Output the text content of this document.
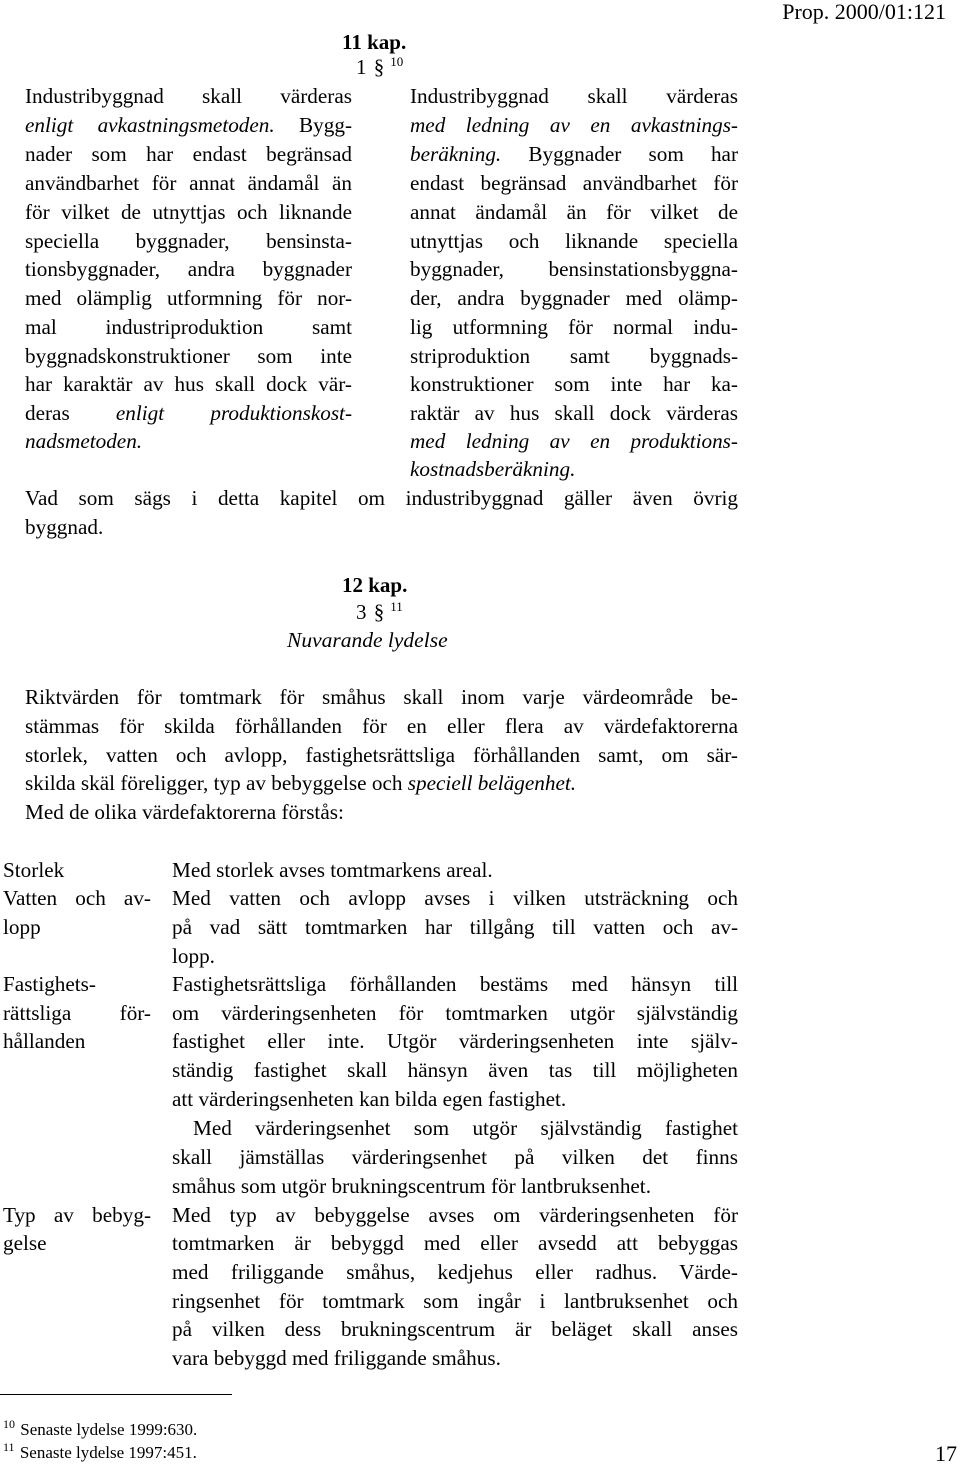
Prop. 2000/01:121
11 kap.
1 § $^{10}$
Industribyggnad skall värderas
enligt avkastningsmetoden. Bygg-
nader som har endast begränsad
användbarhet för annat ändamål än
för vilket de utnyttjas och liknande
speciella byggnader, bensinsta-
tionsbyggnader, andra byggnader
med olämplig utformning för nor-
mal industriproduktion samt
byggnadskonstruktioner som inte
har karaktär av hus skall dock vär-
deras enligt produktionskost-
nadsmetoden.
Industribyggnad skall värderas
med ledning av en avkastnings-
beräkning. Byggnader som har
endast begränsad användbarhet för
annat ändamål än för vilket de
utnyttjas och liknande speciella
byggnader, bensinstationsbyggna-
der, andra byggnader med olämp-
lig utformning för normal indu-
striproduktion samt byggnads-
konstruktioner som inte har ka-
raktär av hus skall dock värderas
med ledning av en produktions-
kostnadsberäkning.
Vad som sägs i detta kapitel om industribyggnad gäller även övrig
byggnad.
12 kap.
3 § $^{11}$
Nuvarande lydelse
Riktvärden för tomtmark för småhus skall inom varje värdeområde be-
stämmas för skilda förhållanden för en eller flera av värdefaktorerna
storlek, vatten och avlopp, fastighetsrättsliga förhållanden samt, om sär-
skilda skäl föreligger, typ av bebyggelse och speciell belägenhet.
Med de olika värdefaktorerna förstås:
Storlek	Med storlek avses tomtmarkens areal.
Vatten och av-
lopp
Med vatten och avlopp avses i vilken utsträckning och
på vad sätt tomtmarken har tillgång till vatten och av-
lopp.
Fastighets-
rättsliga för-
hållanden
Fastighetsrättsliga förhållanden bestäms med hänsyn till
om värderingsenheten för tomtmarken utgör självständig
fastighet eller inte. Utgör värderingsenheten inte själv-
ständig fastighet skall hänsyn även tas till möjligheten
att värderingsenheten kan bilda egen fastighet.
Med värderingsenhet som utgör självständig fastighet
skall jämställas värderingsenhet på vilken det finns
småhus som utgör brukningscentrum för lantbruksenhet.
Typ av bebyg-
gelse
Med typ av bebyggelse avses om värderingsenheten för
tomtmarken är bebyggd med eller avsedd att bebyggas
med friliggande småhus, kedjehus eller radhus. Värde-
ringsenhet för tomtmark som ingår i lantbruksenhet och
på vilken dess brukningscentrum är beläget skall anses
vara bebyggd med friliggande småhus.
$^{10}$ Senaste lydelse 1999:630.
$^{11}$ Senaste lydelse 1997:451.	17
